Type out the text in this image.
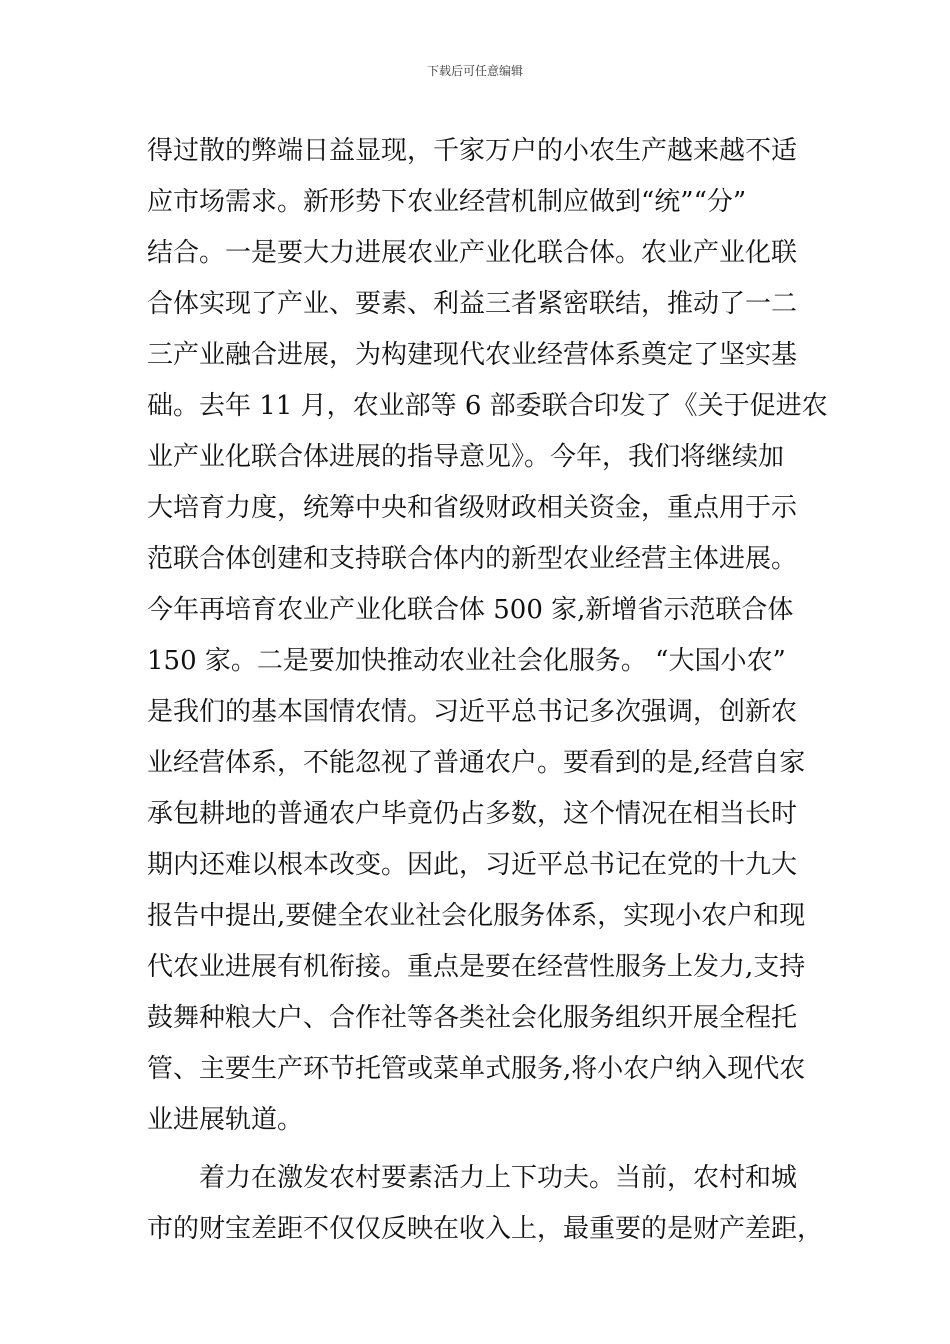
下载后可任意编辑
得过散的弊端日益显现，千家万户的小农生产越来越不适
应市场需求。新形势下农业经营机制应做到“统”“分”
结合。一是要大力进展农业产业化联合体。农业产业化联
合体实现了产业、要素、利益三者紧密联结，推动了一二
三产业融合进展，为构建现代农业经营体系奠定了坚实基
础。去年 11 月，农业部等 6 部委联合印发了《关于促进农
业产业化联合体进展的指导意见》。今年，我们将继续加
大培育力度，统筹中央和省级财政相关资金，重点用于示
范联合体创建和支持联合体内的新型农业经营主体进展。
今年再培育农业产业化联合体 500 家,新增省示范联合体
150 家。二是要加快推动农业社会化服务。 “大国小农”
是我们的基本国情农情。习近平总书记多次强调，创新农
业经营体系，不能忽视了普通农户。要看到的是,经营自家
承包耕地的普通农户毕竟仍占多数，这个情况在相当长时
期内还难以根本改变。因此，习近平总书记在党的十九大
报告中提出,要健全农业社会化服务体系，实现小农户和现
代农业进展有机衔接。重点是要在经营性服务上发力,支持
鼓舞种粮大户、合作社等各类社会化服务组织开展全程托
管、主要生产环节托管或菜单式服务,将小农户纳入现代农
业进展轨道。
　　着力在激发农村要素活力上下功夫。当前，农村和城
市的财宝差距不仅仅反映在收入上，最重要的是财产差距，
